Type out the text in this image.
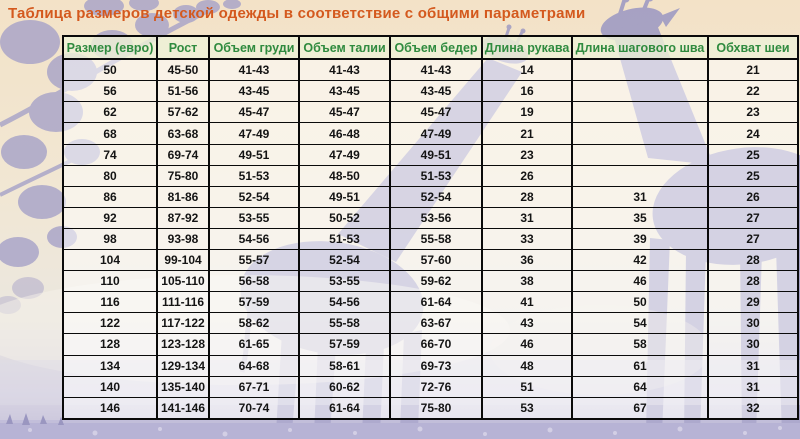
Таблица размеров детской одежды в соответствие с общими параметрами
Размер (евро)	Рост	Объем груди	Объем талии	Объем бедер	Длина рукава	Длина шагового шва	Обхват шеи
50	45-50	41-43	41-43	41-43	14		21
56	51-56	43-45	43-45	43-45	16		22
62	57-62	45-47	45-47	45-47	19		23
68	63-68	47-49	46-48	47-49	21		24
74	69-74	49-51	47-49	49-51	23		25
80	75-80	51-53	48-50	51-53	26		25
86	81-86	52-54	49-51	52-54	28	31	26
92	87-92	53-55	50-52	53-56	31	35	27
98	93-98	54-56	51-53	55-58	33	39	27
104	99-104	55-57	52-54	57-60	36	42	28
110	105-110	56-58	53-55	59-62	38	46	28
116	111-116	57-59	54-56	61-64	41	50	29
122	117-122	58-62	55-58	63-67	43	54	30
128	123-128	61-65	57-59	66-70	46	58	30
134	129-134	64-68	58-61	69-73	48	61	31
140	135-140	67-71	60-62	72-76	51	64	31
146	141-146	70-74	61-64	75-80	53	67	32
